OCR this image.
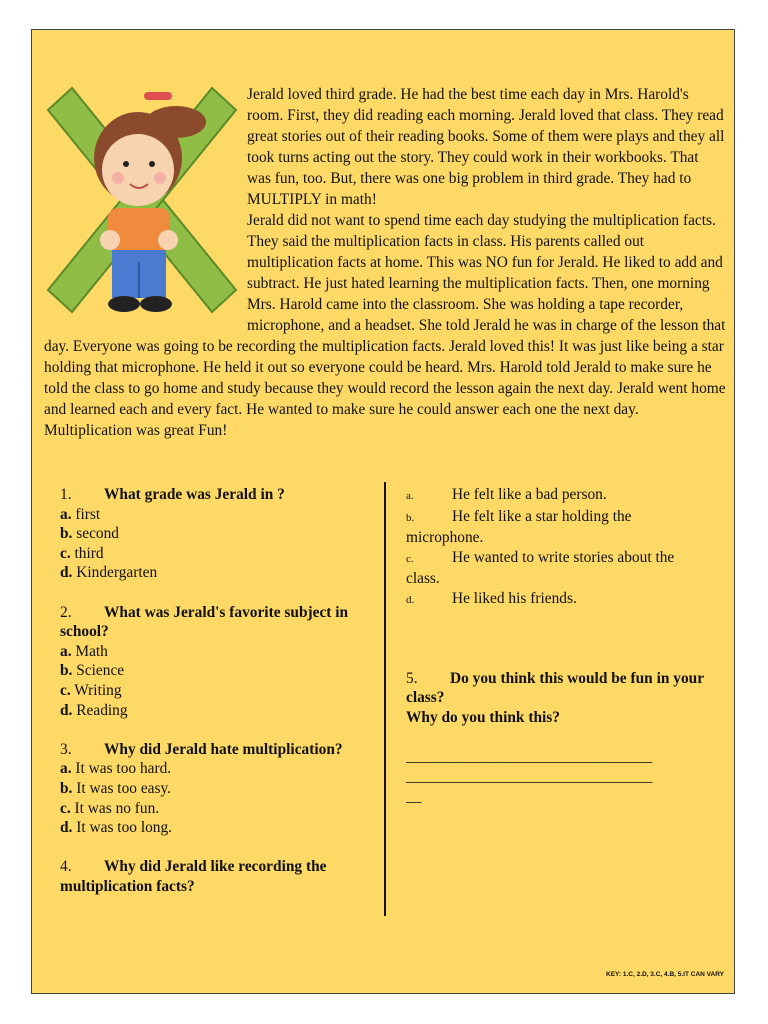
Jerald loved third grade. He had the best time each day in Mrs. Harold's room. First, they did reading each morning. Jerald loved that class. They read great stories out of their reading books. Some of them were plays and they all took turns acting out the story. They could work in their workbooks. That was fun, too. But, there was one big problem in third grade. They had to MULTIPLY in math!

Jerald did not want to spend time each day studying the multiplication facts. They said the multiplication facts in class. His parents called out multiplication facts at home. This was NO fun for Jerald. He liked to add and subtract. He just hated learning the multiplication facts. Then, one morning Mrs. Harold came into the classroom. She was holding a tape recorder, microphone, and a headset. She told Jerald he was in charge of the lesson that day. Everyone was going to be recording the multiplication facts. Jerald loved this! It was just like being a star holding that microphone. He held it out so everyone could be heard. Mrs. Harold told Jerald to make sure he told the class to go home and study because they would record the lesson again the next day. Jerald went home and learned each and every fact. He wanted to make sure he could answer each one the next day. Multiplication was great Fun!

1. What grade was Jerald in ?
a. first
b. second
c. third
d. Kindergarten
2. What was Jerald's favorite subject in school?
a. Math
b. Science
c. Writing
d. Reading
3. Why did Jerald hate multiplication?
a. It was too hard.
b. It was too easy.
c. It was no fun.
d. It was too long.
4. Why did Jerald like recording the multiplication facts?
a. He felt like a bad person.
b. He felt like a star holding the microphone.
c. He wanted to write stories about the class.
d. He liked his friends.
5. Do you think this would be fun in your class?
Why do you think this?
________________________________
________________________________
__
KEY: 1.C, 2.D, 3.C, 4.B, 5.IT CAN VARY
